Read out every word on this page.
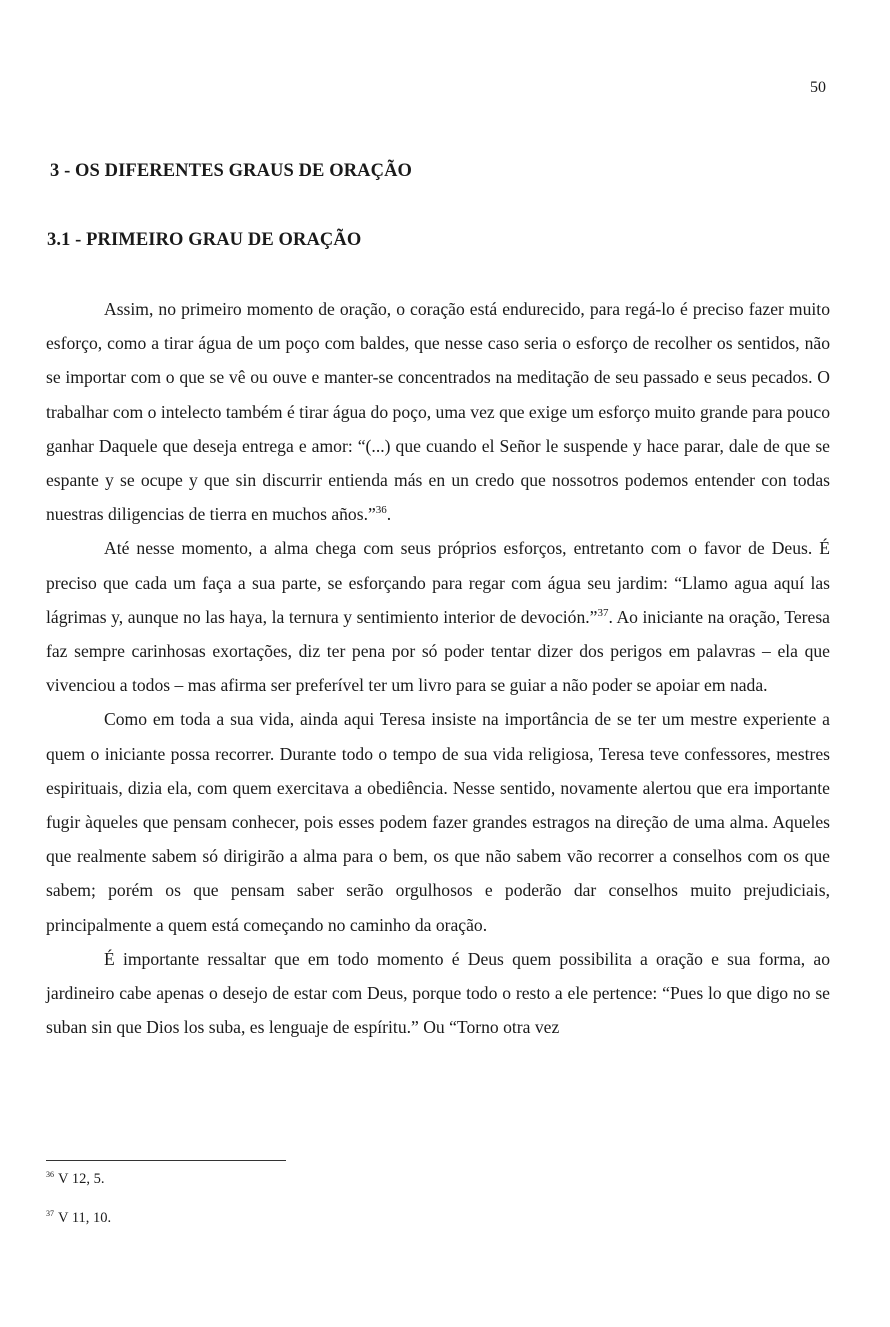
50
3 - OS DIFERENTES GRAUS DE ORAÇÃO
3.1 - PRIMEIRO GRAU DE ORAÇÃO

Assim, no primeiro momento de oração, o coração está endurecido, para regá-lo é preciso fazer muito esforço, como a tirar água de um poço com baldes, que nesse caso seria o esforço de recolher os sentidos, não se importar com o que se vê ou ouve e manter-se concentrados na meditação de seu passado e seus pecados. O trabalhar com o intelecto também é tirar água do poço, uma vez que exige um esforço muito grande para pouco ganhar Daquele que deseja entrega e amor: “(...) que cuando el Señor le suspende y hace parar, dale de que se espante y se ocupe y que sin discurrir entienda más en un credo que nossotros podemos entender con todas nuestras diligencias de tierra en muchos años.”$^{36}$.

Até nesse momento, a alma chega com seus próprios esforços, entretanto com o favor de Deus. É preciso que cada um faça a sua parte, se esforçando para regar com água seu jardim: “Llamo agua aquí las lágrimas y, aunque no las haya, la ternura y sentimiento interior de devoción.”$^{37}$. Ao iniciante na oração, Teresa faz sempre carinhosas exortações, diz ter pena por só poder tentar dizer dos perigos em palavras – ela que vivenciou a todos – mas afirma ser preferível ter um livro para se guiar a não poder se apoiar em nada.

Como em toda a sua vida, ainda aqui Teresa insiste na importância de se ter um mestre experiente a quem o iniciante possa recorrer. Durante todo o tempo de sua vida religiosa, Teresa teve confessores, mestres espirituais, dizia ela, com quem exercitava a obediência. Nesse sentido, novamente alertou que era importante fugir àqueles que pensam conhecer, pois esses podem fazer grandes estragos na direção de uma alma. Aqueles que realmente sabem só dirigirão a alma para o bem, os que não sabem vão recorrer a conselhos com os que sabem; porém os que pensam saber serão orgulhosos e poderão dar conselhos muito prejudiciais, principalmente a quem está começando no caminho da oração.

É importante ressaltar que em todo momento é Deus quem possibilita a oração e sua forma, ao jardineiro cabe apenas o desejo de estar com Deus, porque todo o resto a ele pertence: “Pues lo que digo no se suban sin que Dios los suba, es lenguaje de espíritu.” Ou “Torno otra vez

$^{36}$ V 12, 5.
$^{37}$ V 11, 10.
